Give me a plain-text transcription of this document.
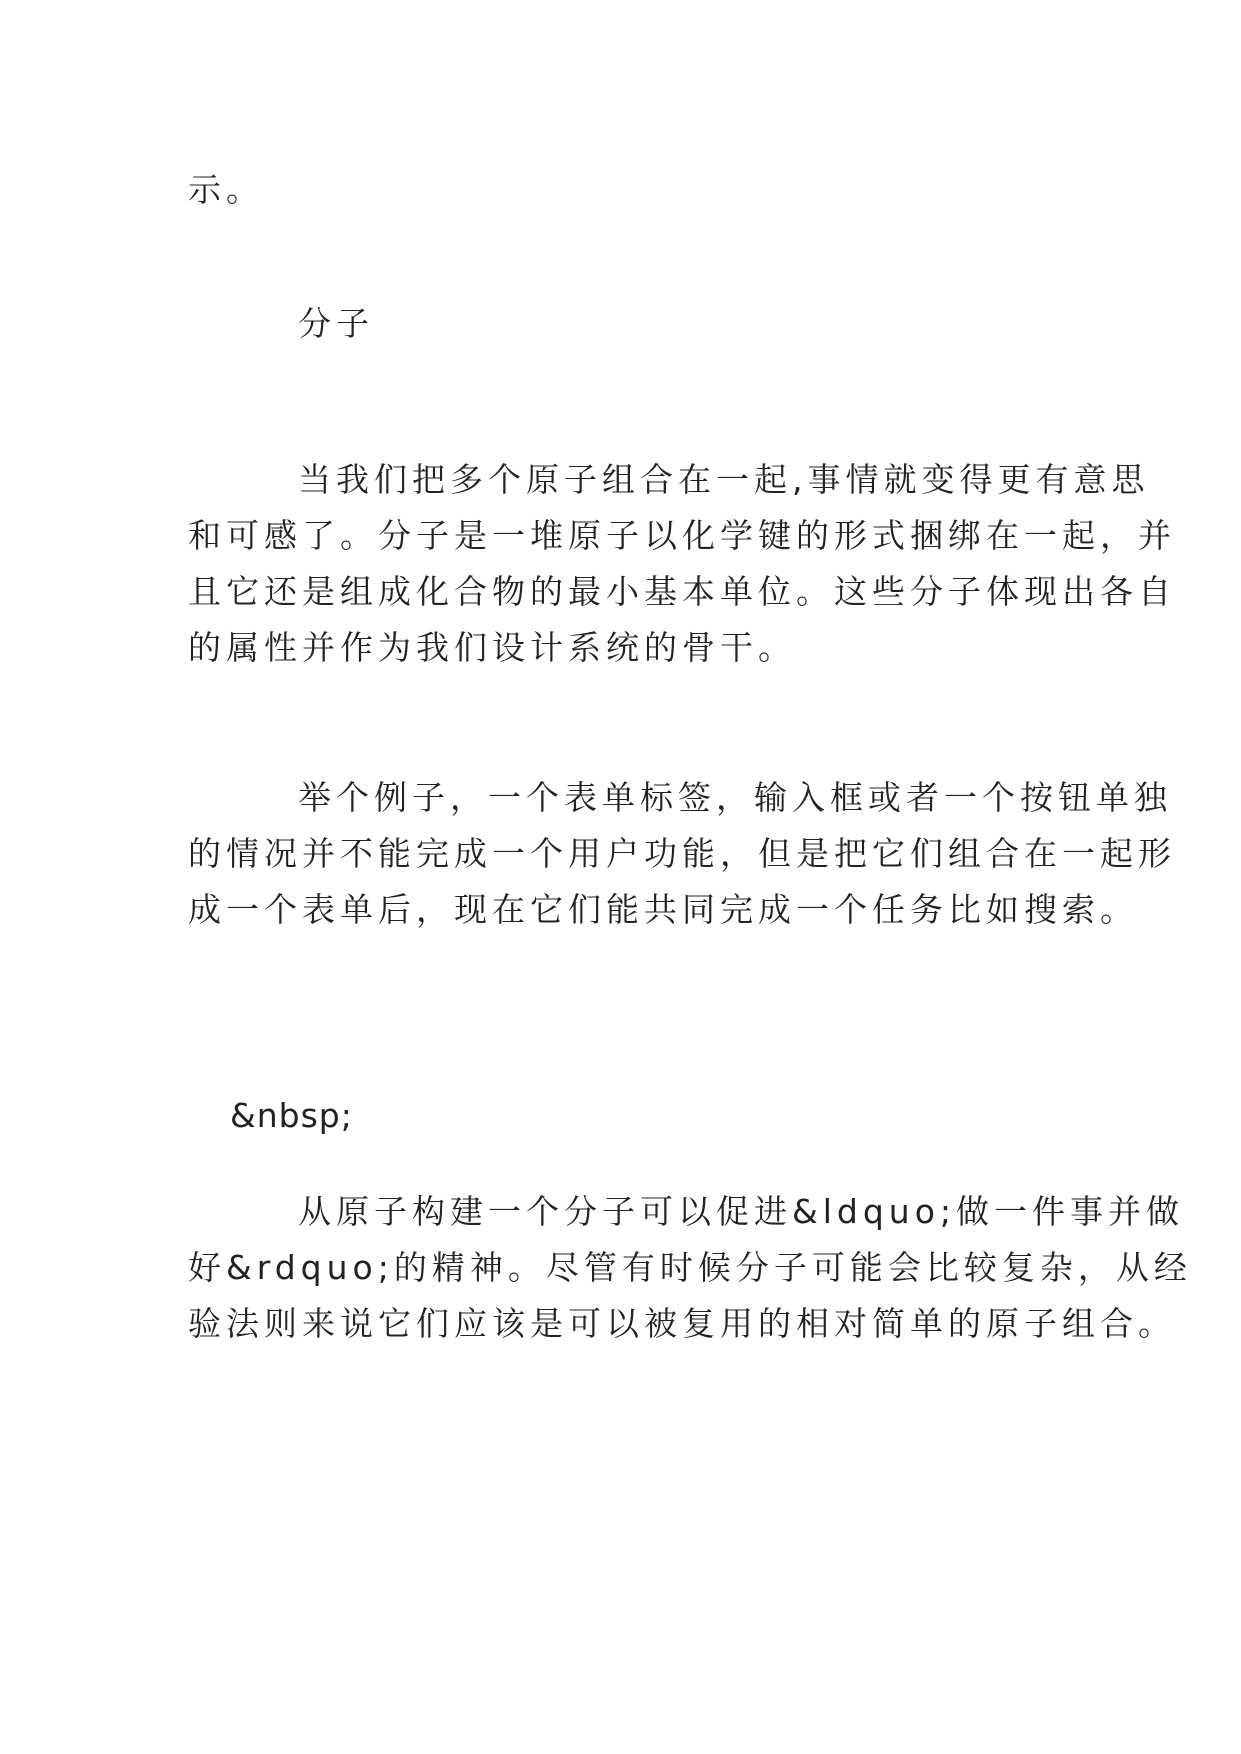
示。

分子

当我们把多个原子组合在一起,事情就变得更有意思

和可感了。分子是一堆原子以化学键的形式捆绑在一起，并

且它还是组成化合物的最小基本单位。这些分子体现出各自

的属性并作为我们设计系统的骨干。

举个例子，一个表单标签，输入框或者一个按钮单独

的情况并不能完成一个用户功能，但是把它们组合在一起形

成一个表单后，现在它们能共同完成一个任务比如搜索。

&nbsp;

从原子构建一个分子可以促进&ldquo;做一件事并做

好&rdquo;的精神。尽管有时候分子可能会比较复杂，从经

验法则来说它们应该是可以被复用的相对简单的原子组合。
